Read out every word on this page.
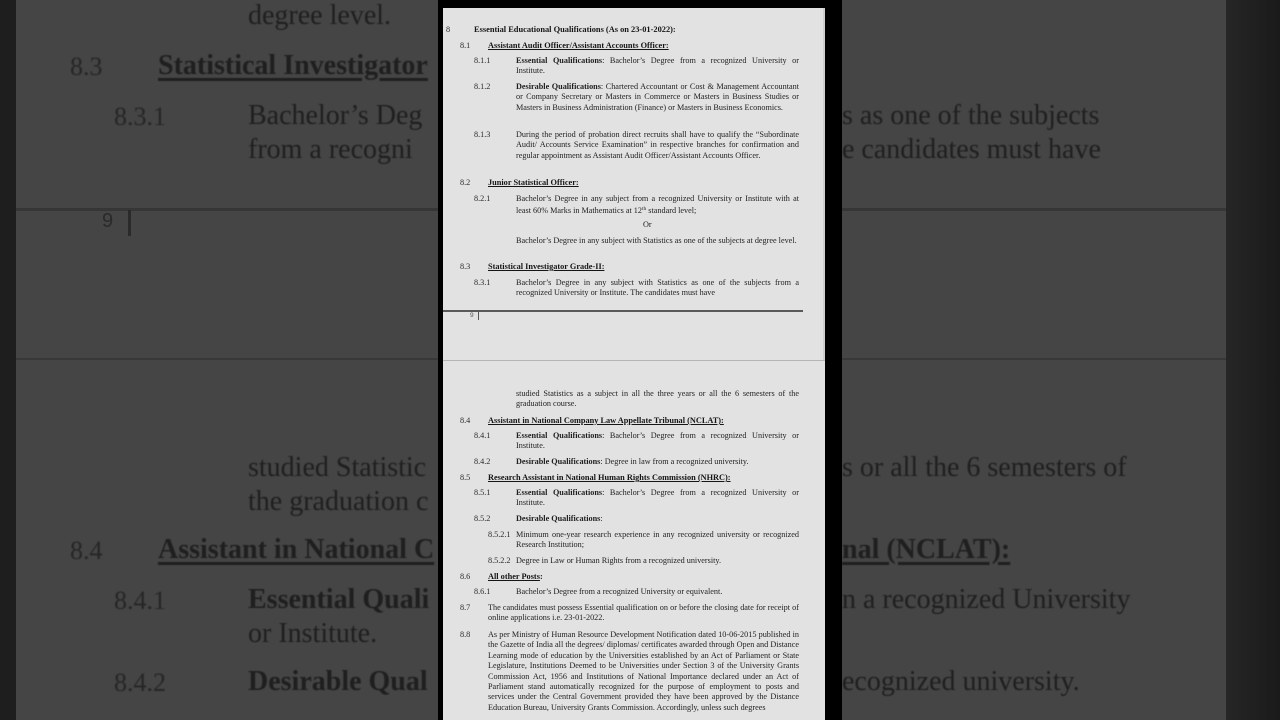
degree level.
8.3 Statistical Investigator
8.3.1	Bachelor’s Deg	s as one of the subjects
from a recogni	e candidates must have
9
studied Statistic	s or all the 6 semesters of
the graduation c
8.4 Assistant in National C	nal (NCLAT):
8.4.1	Essential Quali	n a recognized University
or Institute.
8.4.2	Desirable Qual	ecognized university.
8	Essential Educational Qualifications (As on 23-01-2022):
8.1 Assistant Audit Officer/Assistant Accounts Officer:
8.1.1	Essential Qualifications: Bachelor’s Degree from a recognized University or Institute.
8.1.2	Desirable Qualifications: Chartered Accountant or Cost & Management Accountant or Company Secretary or Masters in Commerce or Masters in Business Studies or Masters in Business Administration (Finance) or Masters in Business Economics.
8.1.3	During the period of probation direct recruits shall have to qualify the “Subordinate Audit/ Accounts Service Examination” in respective branches for confirmation and regular appointment as Assistant Audit Officer/Assistant Accounts Officer.
8.2 Junior Statistical Officer:
8.2.1	Bachelor’s Degree in any subject from a recognized University or Institute with at least 60% Marks in Mathematics at 12th standard level;
Or
Bachelor’s Degree in any subject with Statistics as one of the subjects at degree level.
8.3 Statistical Investigator Grade-II:
8.3.1	Bachelor’s Degree in any subject with Statistics as one of the subjects from a recognized University or Institute. The candidates must have
9
studied Statistics as a subject in all the three years or all the 6 semesters of the graduation course.
8.4 Assistant in National Company Law Appellate Tribunal (NCLAT):
8.4.1	Essential Qualifications: Bachelor’s Degree from a recognized University or Institute.
8.4.2	Desirable Qualifications: Degree in law from a recognized university.
8.5 Research Assistant in National Human Rights Commission (NHRC):
8.5.1	Essential Qualifications: Bachelor’s Degree from a recognized University or Institute.
8.5.2	Desirable Qualifications:
8.5.2.1 Minimum one-year research experience in any recognized university or recognized Research Institution;
8.5.2.2 Degree in Law or Human Rights from a recognized university.
8.6 All other Posts:
8.6.1	Bachelor’s Degree from a recognized University or equivalent.
8.7 The candidates must possess Essential qualification on or before the closing date for receipt of online applications i.e. 23-01-2022.
8.8 As per Ministry of Human Resource Development Notification dated 10-06-2015 published in the Gazette of India all the degrees/ diplomas/ certificates awarded through Open and Distance Learning mode of education by the Universities established by an Act of Parliament or State Legislature, Institutions Deemed to be Universities under Section 3 of the University Grants Commission Act, 1956 and Institutions of National Importance declared under an Act of Parliament stand automatically recognized for the purpose of employment to posts and services under the Central Government provided they have been approved by the Distance Education Bureau, University Grants Commission. Accordingly, unless such degrees
